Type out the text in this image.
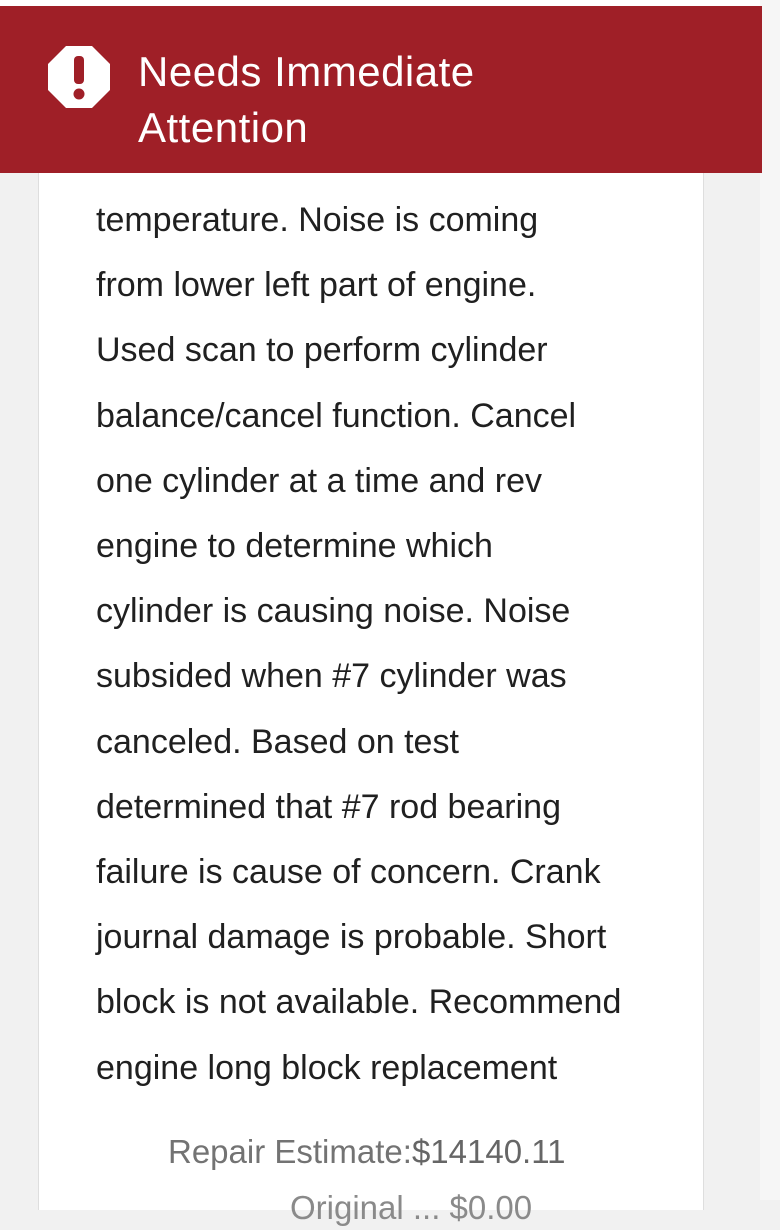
Needs Immediate
Attention
temperature. Noise is coming
from lower left part of engine.
Used scan to perform cylinder
balance/cancel function. Cancel
one cylinder at a time and rev
engine to determine which
cylinder is causing noise. Noise
subsided when #7 cylinder was
canceled. Based on test
determined that #7 rod bearing
failure is cause of concern. Crank
journal damage is probable. Short
block is not available. Recommend
engine long block replacement
Repair Estimate:$14140.11
Original ... $0.00
